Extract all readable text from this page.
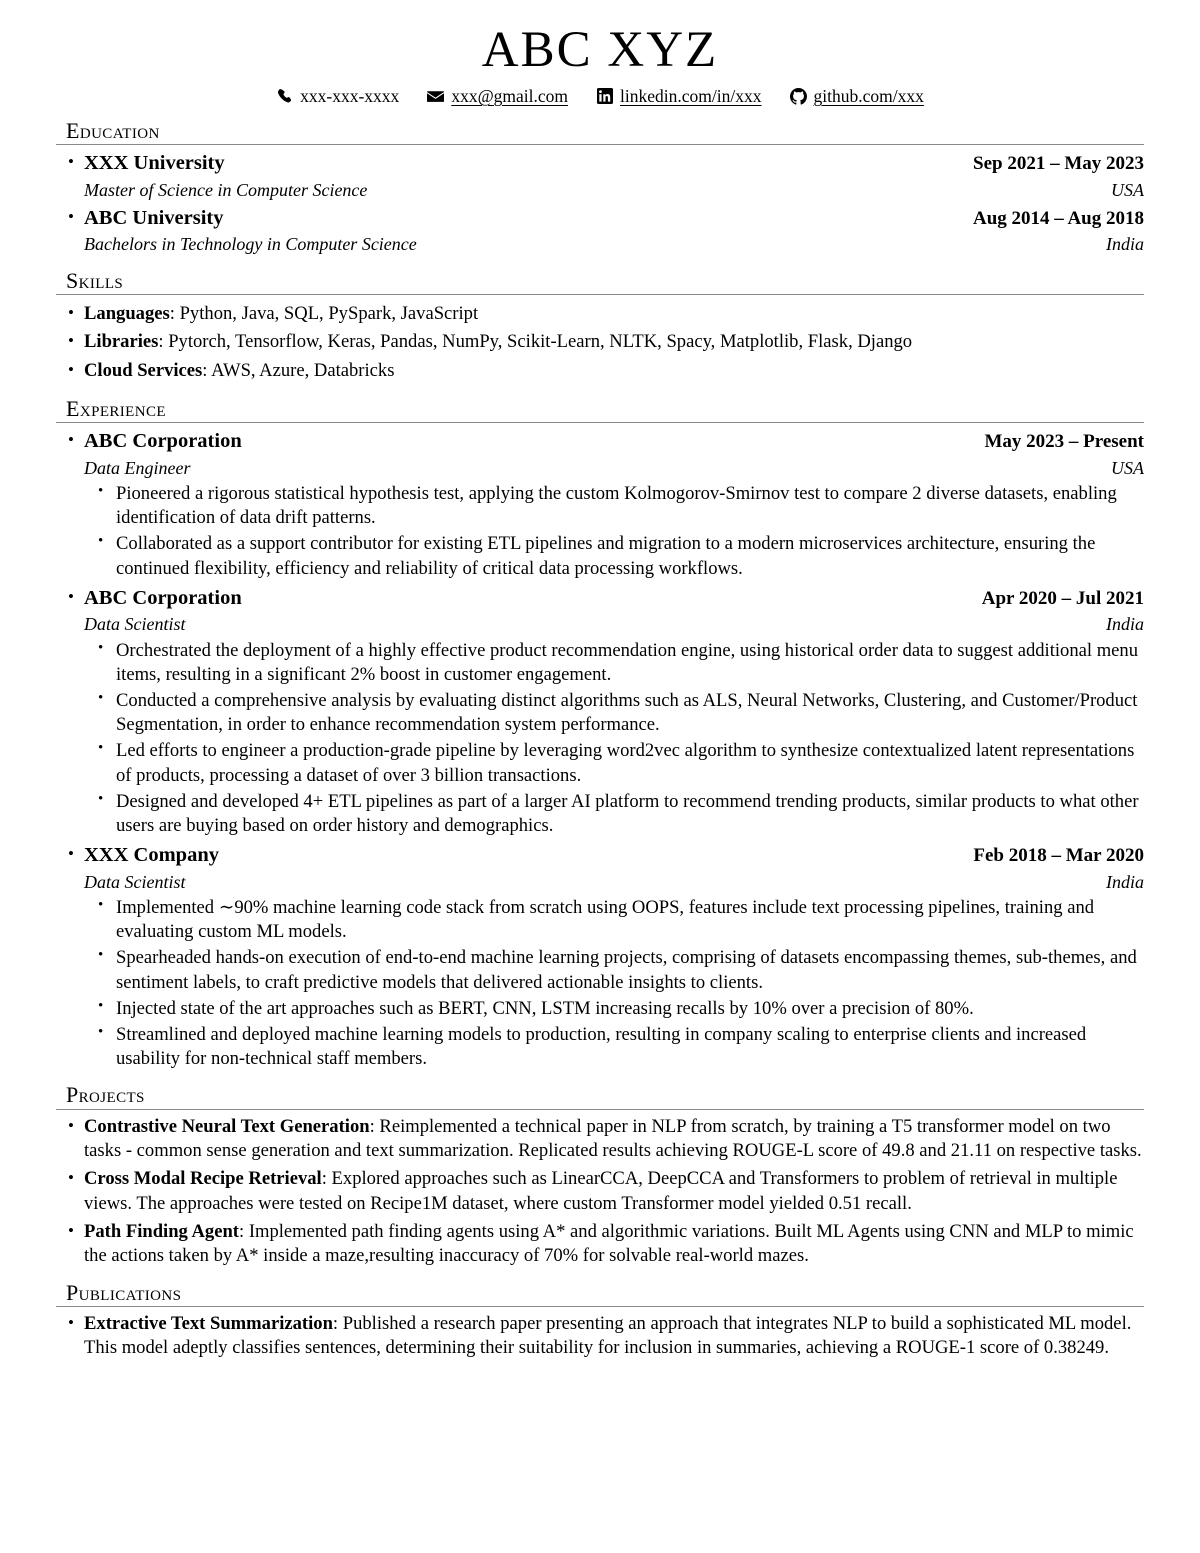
ABC XYZ
xxx-xxx-xxxx	xxx@gmail.com	linkedin.com/in/xxx	github.com/xxx
Education
• XXX University	Sep 2021 – May 2023
Master of Science in Computer Science	USA
• ABC University	Aug 2014 – Aug 2018
Bachelors in Technology in Computer Science	India
Skills
• Languages: Python, Java, SQL, PySpark, JavaScript
• Libraries: Pytorch, Tensorflow, Keras, Pandas, NumPy, Scikit-Learn, NLTK, Spacy, Matplotlib, Flask, Django
• Cloud Services: AWS, Azure, Databricks
Experience
• ABC Corporation	May 2023 – Present
Data Engineer	USA
• Pioneered a rigorous statistical hypothesis test, applying the custom Kolmogorov-Smirnov test to compare 2 diverse datasets, enabling identification of data drift patterns.
• Collaborated as a support contributor for existing ETL pipelines and migration to a modern microservices architecture, ensuring the continued flexibility, efficiency and reliability of critical data processing workflows.
• ABC Corporation	Apr 2020 – Jul 2021
Data Scientist	India
• Orchestrated the deployment of a highly effective product recommendation engine, using historical order data to suggest additional menu items, resulting in a significant 2% boost in customer engagement.
• Conducted a comprehensive analysis by evaluating distinct algorithms such as ALS, Neural Networks, Clustering, and Customer/Product Segmentation, in order to enhance recommendation system performance.
• Led efforts to engineer a production-grade pipeline by leveraging word2vec algorithm to synthesize contextualized latent representations of products, processing a dataset of over 3 billion transactions.
• Designed and developed 4+ ETL pipelines as part of a larger AI platform to recommend trending products, similar products to what other users are buying based on order history and demographics.
• XXX Company	Feb 2018 – Mar 2020
Data Scientist	India
• Implemented ∼90% machine learning code stack from scratch using OOPS, features include text processing pipelines, training and evaluating custom ML models.
• Spearheaded hands-on execution of end-to-end machine learning projects, comprising of datasets encompassing themes, sub-themes, and sentiment labels, to craft predictive models that delivered actionable insights to clients.
• Injected state of the art approaches such as BERT, CNN, LSTM increasing recalls by 10% over a precision of 80%.
• Streamlined and deployed machine learning models to production, resulting in company scaling to enterprise clients and increased usability for non-technical staff members.
Projects
• Contrastive Neural Text Generation: Reimplemented a technical paper in NLP from scratch, by training a T5 transformer model on two tasks - common sense generation and text summarization. Replicated results achieving ROUGE-L score of 49.8 and 21.11 on respective tasks.
• Cross Modal Recipe Retrieval: Explored approaches such as LinearCCA, DeepCCA and Transformers to problem of retrieval in multiple views. The approaches were tested on Recipe1M dataset, where custom Transformer model yielded 0.51 recall.
• Path Finding Agent: Implemented path finding agents using A* and algorithmic variations. Built ML Agents using CNN and MLP to mimic the actions taken by A* inside a maze,resulting inaccuracy of 70% for solvable real-world mazes.
Publications
• Extractive Text Summarization: Published a research paper presenting an approach that integrates NLP to build a sophisticated ML model. This model adeptly classifies sentences, determining their suitability for inclusion in summaries, achieving a ROUGE-1 score of 0.38249.
